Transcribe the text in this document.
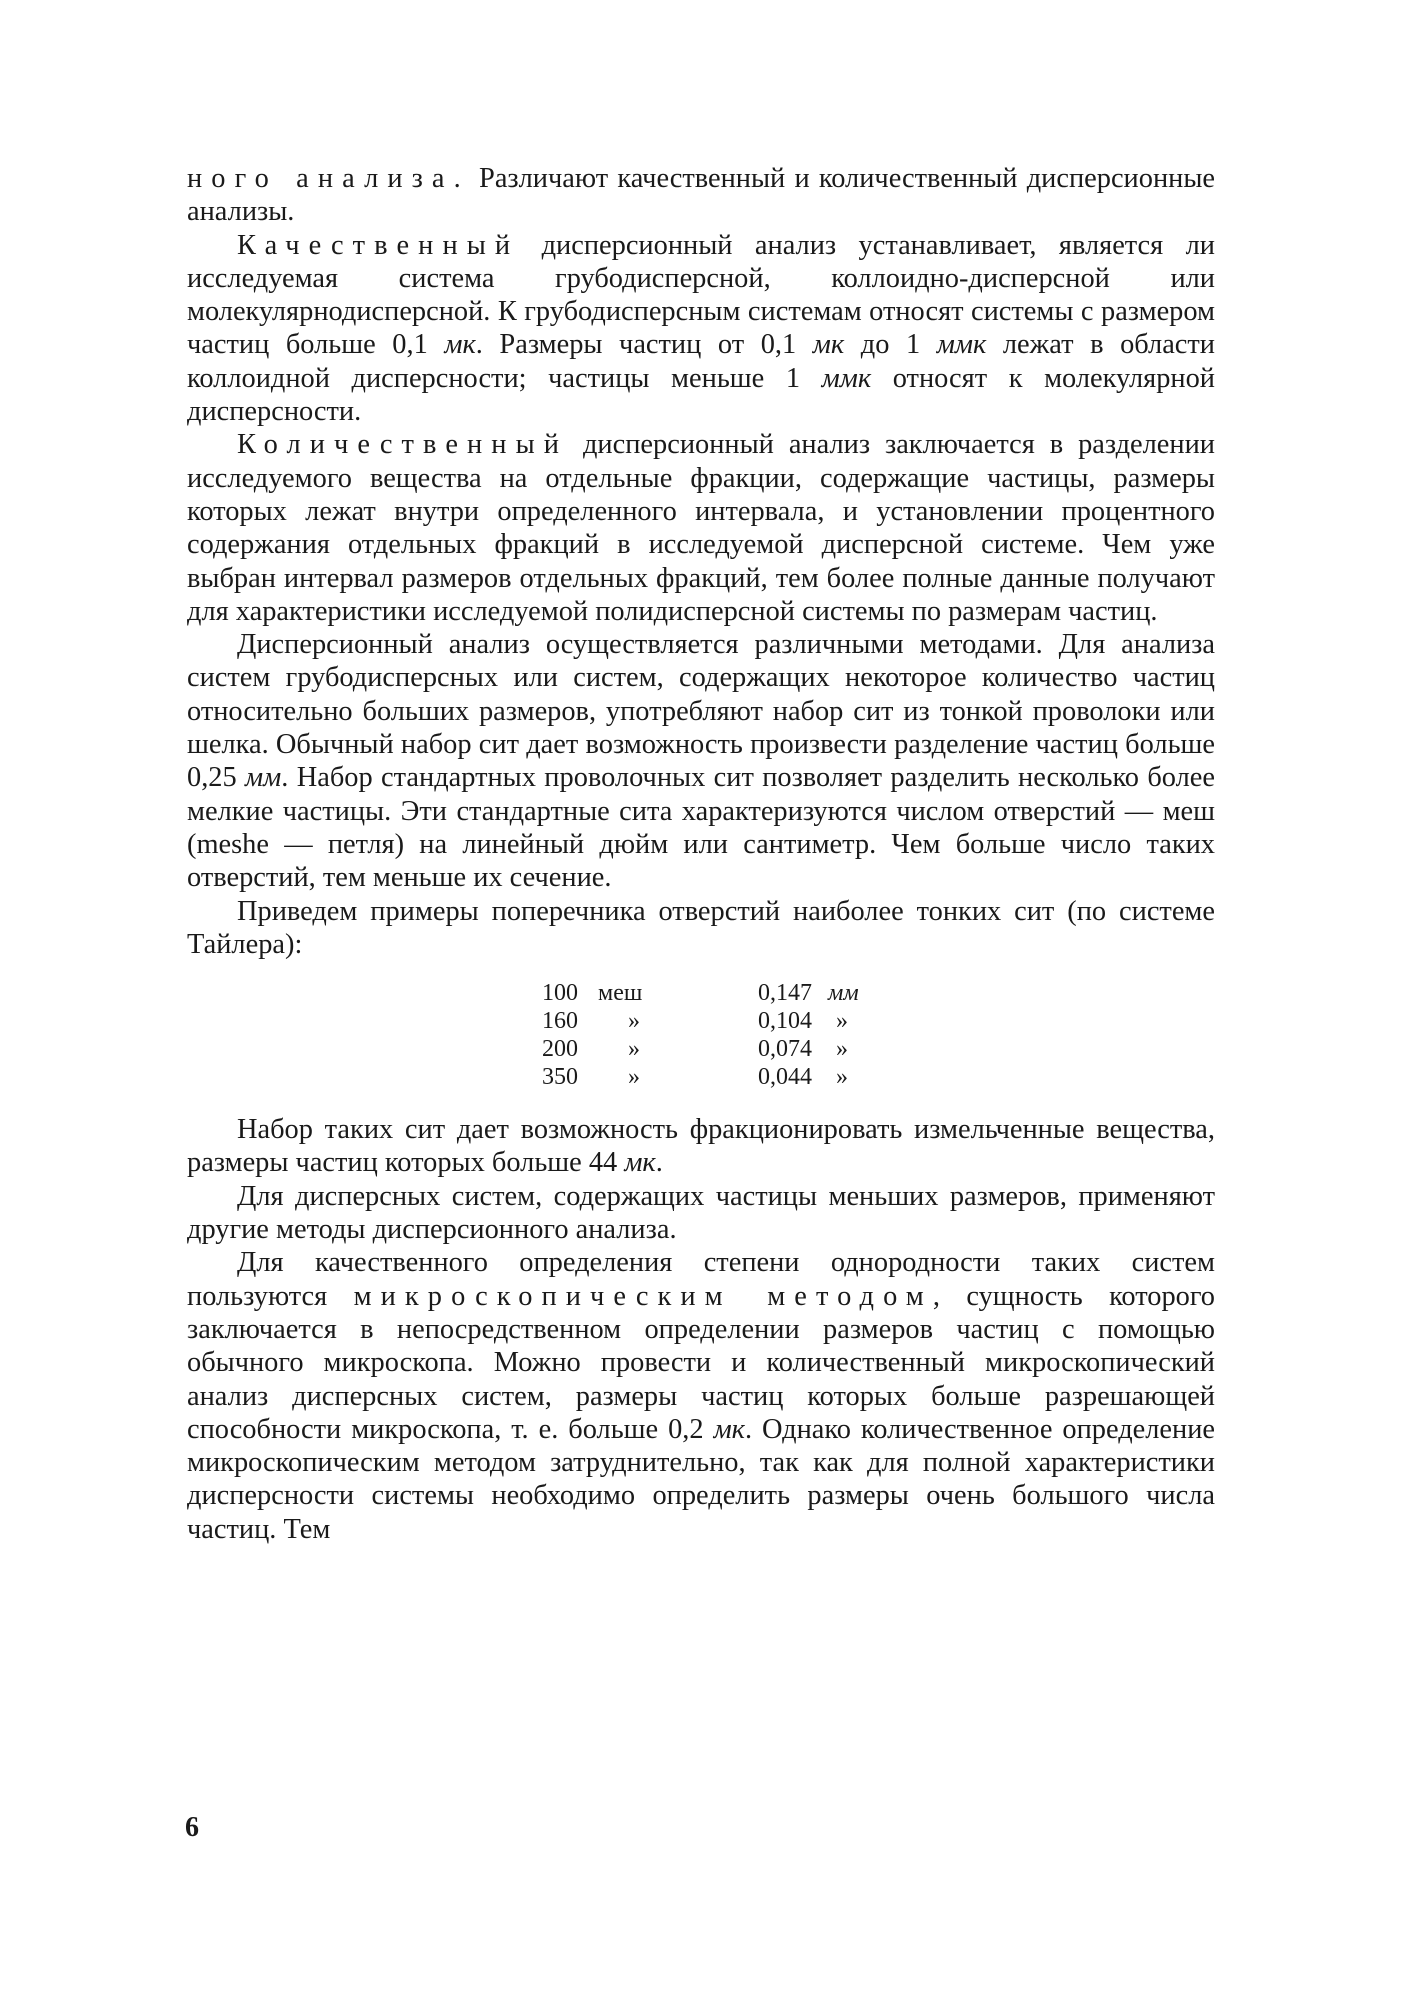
ного анализа. Различают качественный и количественный дисперсионные анализы.

Качественный дисперсионный анализ устанавливает, является ли исследуемая система грубодисперсной, коллоидно-дисперсной или молекулярнодисперсной. К грубодисперсным системам относят системы с размером частиц больше 0,1 мк. Размеры частиц от 0,1 мк до 1 ммк лежат в области коллоидной дисперсности; частицы меньше 1 ммк относят к молекулярной дисперсности.

Количественный дисперсионный анализ заключается в разделении исследуемого вещества на отдельные фракции, содержащие частицы, размеры которых лежат внутри определенного интервала, и установлении процентного содержания отдельных фракций в исследуемой дисперсной системе. Чем уже выбран интервал размеров отдельных фракций, тем более полные данные получают для характеристики исследуемой полидисперсной системы по размерам частиц.

Дисперсионный анализ осуществляется различными методами. Для анализа систем грубодисперсных или систем, содержащих некоторое количество частиц относительно больших размеров, употребляют набор сит из тонкой проволоки или шелка. Обычный набор сит дает возможность произвести разделение частиц больше 0,25 мм. Набор стандартных проволочных сит позволяет разделить несколько более мелкие частицы. Эти стандартные сита характеризуются числом отверстий — меш (meshe — петля) на линейный дюйм или сантиметр. Чем больше число таких отверстий, тем меньше их сечение.

Приведем примеры поперечника отверстий наиболее тонких сит (по системе Тайлера):

100	меш	0,147	мм
160	»	0,104	»
200	»	0,074	»
350	»	0,044	»

Набор таких сит дает возможность фракционировать измельченные вещества, размеры частиц которых больше 44 мк.

Для дисперсных систем, содержащих частицы меньших размеров, применяют другие методы дисперсионного анализа.

Для качественного определения степени однородности таких систем пользуются микроскопическим методом, сущность которого заключается в непосредственном определении размеров частиц с помощью обычного микроскопа. Можно провести и количественный микроскопический анализ дисперсных систем, размеры частиц которых больше разрешающей способности микроскопа, т. е. больше 0,2 мк. Однако количественное определение микроскопическим методом затруднительно, так как для полной характеристики дисперсности системы необходимо определить размеры очень большого числа частиц. Тем

6
